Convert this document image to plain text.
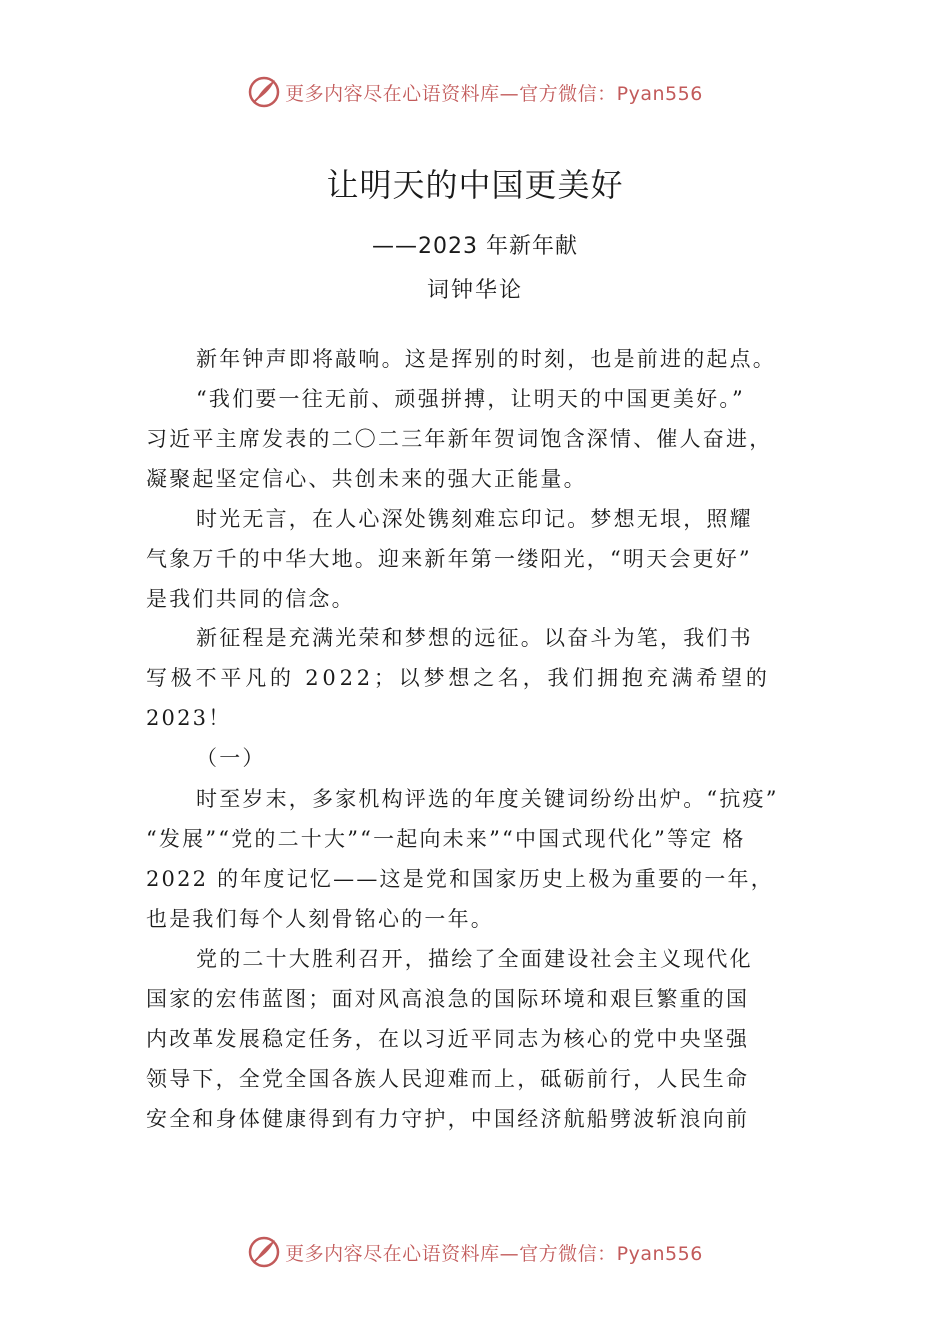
更多内容尽在心语资料库—官方微信：Pyan556
让明天的中国更美好
——2023 年新年献
词钟华论
新年钟声即将敲响。这是挥别的时刻，也是前进的起点。
“我们要一往无前、顽强拼搏，让明天的中国更美好。”
习近平主席发表的二〇二三年新年贺词饱含深情、催人奋进，
凝聚起坚定信心、共创未来的强大正能量。
时光无言，在人心深处镌刻难忘印记。梦想无垠，照耀
气象万千的中华大地。迎来新年第一缕阳光，“明天会更好”
是我们共同的信念。
新征程是充满光荣和梦想的远征。以奋斗为笔，我们书
写极不平凡的 2022；以梦想之名，我们拥抱充满希望的
2023！
（一）
时至岁末，多家机构评选的年度关键词纷纷出炉。“抗疫”
“发展”“党的二十大”“一起向未来”“中国式现代化”等定 格
2022 的年度记忆——这是党和国家历史上极为重要的一年，
也是我们每个人刻骨铭心的一年。
党的二十大胜利召开，描绘了全面建设社会主义现代化
国家的宏伟蓝图；面对风高浪急的国际环境和艰巨繁重的国
内改革发展稳定任务，在以习近平同志为核心的党中央坚强
领导下，全党全国各族人民迎难而上，砥砺前行，人民生命
安全和身体健康得到有力守护，中国经济航船劈波斩浪向前
更多内容尽在心语资料库—官方微信：Pyan556
